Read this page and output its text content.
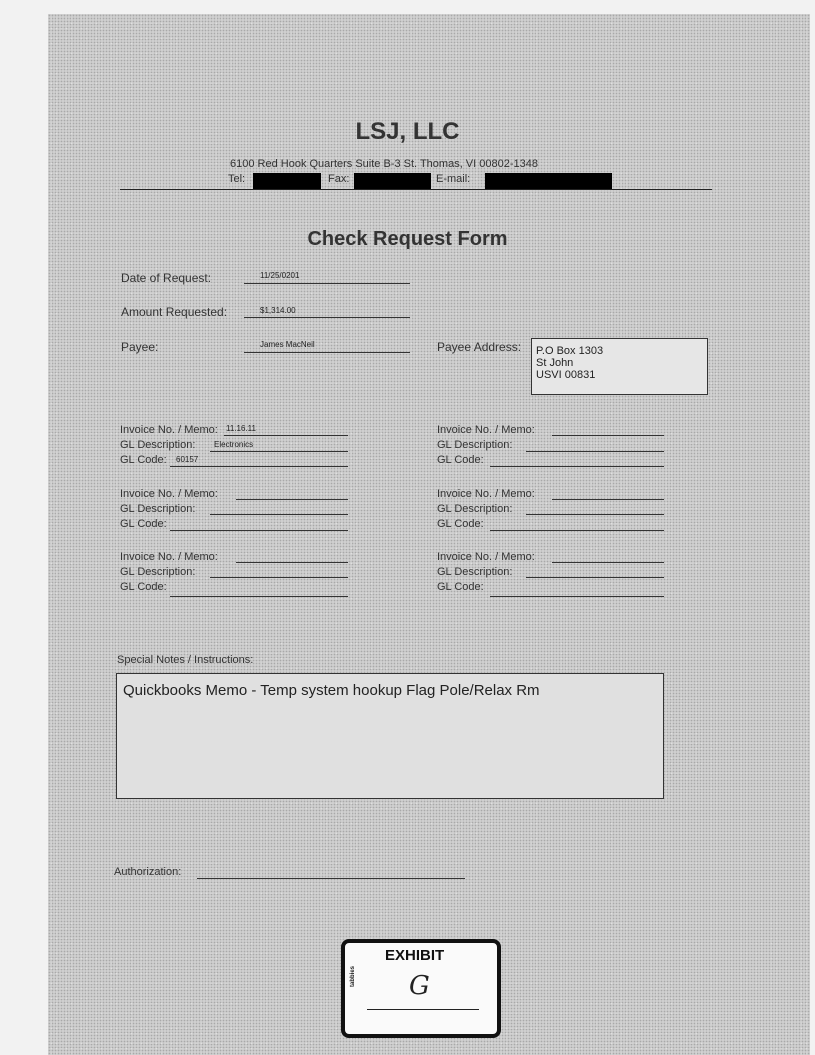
LSJ, LLC
6100 Red Hook Quarters Suite B-3 St. Thomas, VI 00802-1348
Tel:	Fax:	E-mail:
Check Request Form
Date of Request:	11/25/0201
Amount Requested:	$1,314.00
Payee:	James MacNeil	Payee Address:	P.O Box 1303
St John
USVI 00831
Invoice No. / Memo: 11.16.11
GL Description: Electronics
GL Code: 60157
Invoice No. / Memo:
GL Description:
GL Code:
Invoice No. / Memo:
GL Description:
GL Code:
Invoice No. / Memo:
GL Description:
GL Code:
Invoice No. / Memo:
GL Description:
GL Code:
Invoice No. / Memo:
GL Description:
GL Code:
Special Notes / Instructions:
Quickbooks Memo - Temp system hookup Flag Pole/Relax Rm
Authorization:
EXHIBIT
tabbies G
